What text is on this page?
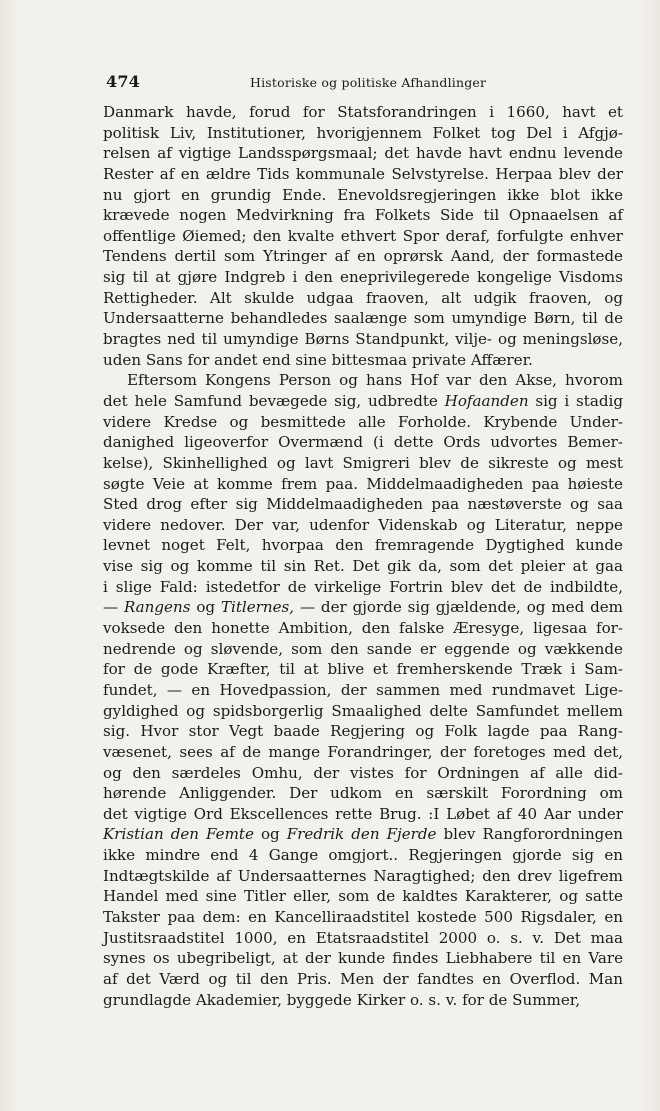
474	Historiske og politiske Afhandlinger
Danmark havde, forud for Statsforandringen i 1660, havt et
politisk Liv, Institutioner, hvorigjennem Folket tog Del i Afgjø-
relsen af vigtige Landsspørgsmaal; det havde havt endnu levende
Rester af en ældre Tids kommunale Selvstyrelse. Herpaa blev der
nu gjort en grundig Ende. Enevoldsregjeringen ikke blot ikke
krævede nogen Medvirkning fra Folkets Side til Opnaaelsen af
offentlige Øiemed; den kvalte ethvert Spor deraf, forfulgte enhver
Tendens dertil som Ytringer af en oprørsk Aand, der formastede
sig til at gjøre Indgreb i den eneprivilegerede kongelige Visdoms
Rettigheder. Alt skulde udgaa fraoven, alt udgik fraoven, og
Undersaatterne behandledes saalænge som umyndige Børn, til de
bragtes ned til umyndige Børns Standpunkt, vilje- og meningsløse,
uden Sans for andet end sine bittesmaa private Affærer.
Eftersom Kongens Person og hans Hof var den Akse, hvorom
det hele Samfund bevægede sig, udbredte Hofaanden sig i stadig
videre Kredse og besmittede alle Forholde. Krybende Under-
danighed ligeoverfor Overmænd (i dette Ords udvortes Bemer-
kelse), Skinhellighed og lavt Smigreri blev de sikreste og mest
søgte Veie at komme frem paa. Middelmaadigheden paa høieste
Sted drog efter sig Middelmaadigheden paa næstøverste og saa
videre nedover. Der var, udenfor Videnskab og Literatur, neppe
levnet noget Felt, hvorpaa den fremragende Dygtighed kunde
vise sig og komme til sin Ret. Det gik da, som det pleier at gaa
i slige Fald: istedetfor de virkelige Fortrin blev det de indbildte,
— Rangens og Titlernes, — der gjorde sig gjældende, og med dem
voksede den honette Ambition, den falske Æresyge, ligesaa for-
nedrende og sløvende, som den sande er eggende og vækkende
for de gode Kræfter, til at blive et fremherskende Træk i Sam-
fundet, — en Hovedpassion, der sammen med rundmavet Lige-
gyldighed og spidsborgerlig Smaalighed delte Samfundet mellem
sig. Hvor stor Vegt baade Regjering og Folk lagde paa Rang-
væsenet, sees af de mange Forandringer, der foretoges med det,
og den særdeles Omhu, der vistes for Ordningen af alle did-
hørende Anliggender. Der udkom en særskilt Forordning om
det vigtige Ord Ekscellences rette Brug. :I Løbet af 40 Aar under
Kristian den Femte og Fredrik den Fjerde blev Rangforordningen
ikke mindre end 4 Gange omgjort.. Regjeringen gjorde sig en
Indtægtskilde af Undersaatternes Naragtighed; den drev ligefrem
Handel med sine Titler eller, som de kaldtes Karakterer, og satte
Takster paa dem: en Kancelliraadstitel kostede 500 Rigsdaler, en
Justitsraadstitel 1000, en Etatsraadstitel 2000 o. s. v. Det maa
synes os ubegribeligt, at der kunde findes Liebhabere til en Vare
af det Værd og til den Pris. Men der fandtes en Overflod. Man
grundlagde Akademier, byggede Kirker o. s. v. for de Summer,
